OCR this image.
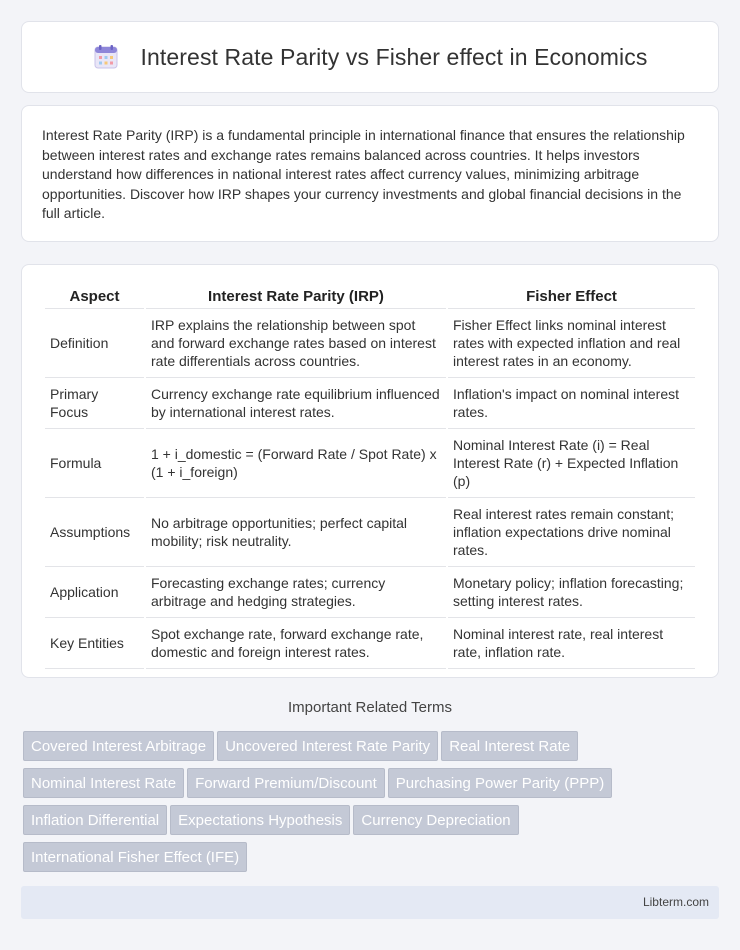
Interest Rate Parity vs Fisher effect in Economics

Interest Rate Parity (IRP) is a fundamental principle in international finance that ensures the relationship between interest rates and exchange rates remains balanced across countries. It helps investors understand how differences in national interest rates affect currency values, minimizing arbitrage opportunities. Discover how IRP shapes your currency investments and global financial decisions in the full article.

Aspect	Interest Rate Parity (IRP)	Fisher Effect
Definition	IRP explains the relationship between spot and forward exchange rates based on interest rate differentials across countries.	Fisher Effect links nominal interest rates with expected inflation and real interest rates in an economy.
Primary Focus	Currency exchange rate equilibrium influenced by international interest rates.	Inflation's impact on nominal interest rates.
Formula	1 + i_domestic = (Forward Rate / Spot Rate) x (1 + i_foreign)	Nominal Interest Rate (i) = Real Interest Rate (r) + Expected Inflation (p)
Assumptions	No arbitrage opportunities; perfect capital mobility; risk neutrality.	Real interest rates remain constant; inflation expectations drive nominal rates.
Application	Forecasting exchange rates; currency arbitrage and hedging strategies.	Monetary policy; inflation forecasting; setting interest rates.
Key Entities	Spot exchange rate, forward exchange rate, domestic and foreign interest rates.	Nominal interest rate, real interest rate, inflation rate.
Important Related Terms
Covered Interest Arbitrage Uncovered Interest Rate Parity Real Interest Rate
Nominal Interest Rate Forward Premium/Discount Purchasing Power Parity (PPP)
Inflation Differential Expectations Hypothesis Currency Depreciation
International Fisher Effect (IFE)
Libterm.com
